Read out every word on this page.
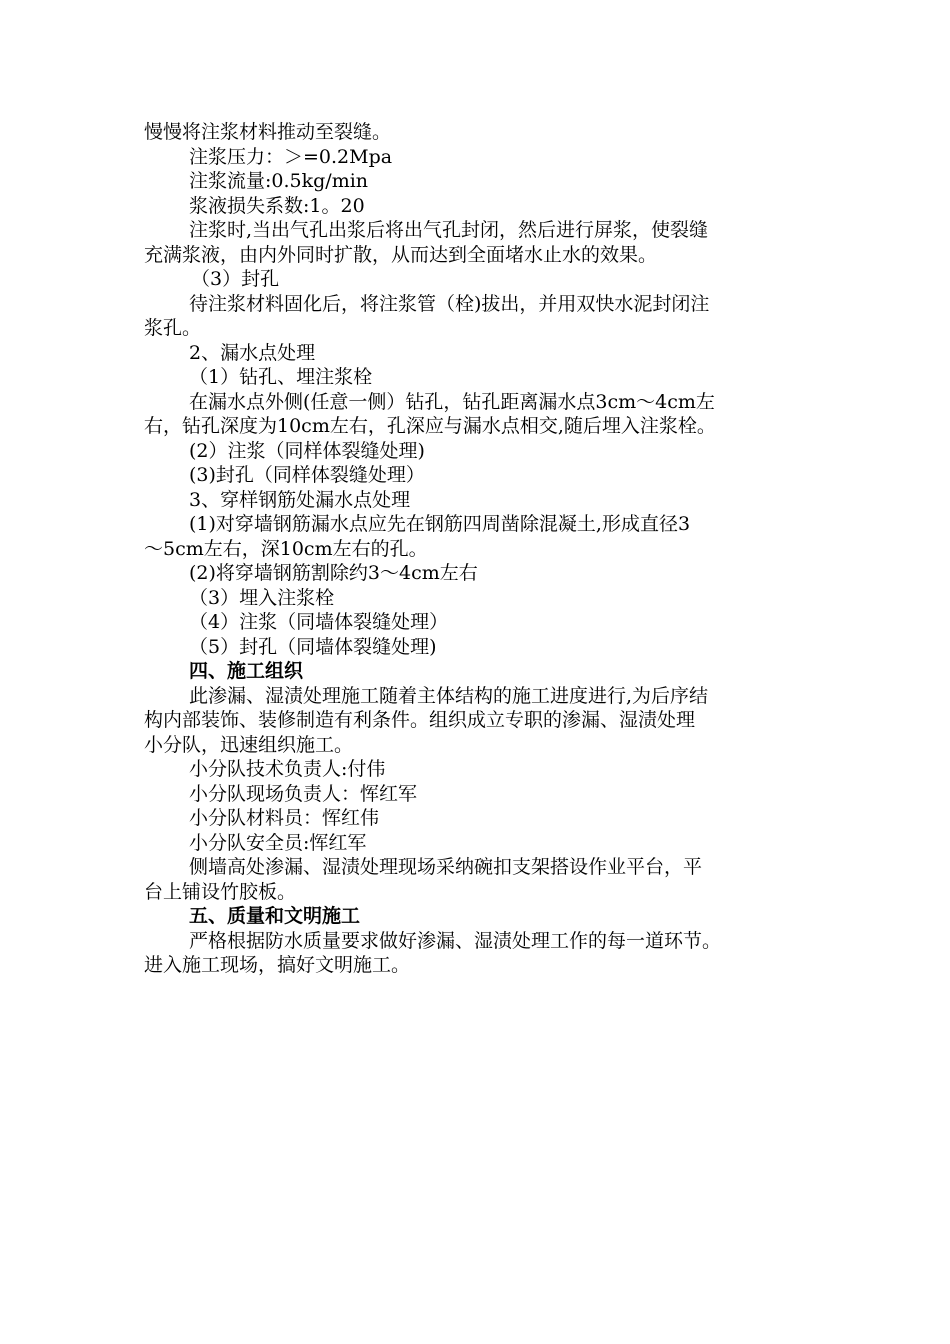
慢慢将注浆材料推动至裂缝。
注浆压力：＞=0.2Mpa
注浆流量:0.5kg/min
浆液损失系数:1。20
注浆时,当出气孔出浆后将出气孔封闭，然后进行屏浆，使裂缝
充满浆液，由内外同时扩散，从而达到全面堵水止水的效果。
（3）封孔
待注浆材料固化后，将注浆管（栓)拔出，并用双快水泥封闭注
浆孔。
2、漏水点处理
（1）钻孔、埋注浆栓
在漏水点外侧(任意一侧）钻孔，钻孔距离漏水点3cm～4cm左
右，钻孔深度为10cm左右，孔深应与漏水点相交,随后埋入注浆栓。
(2）注浆（同样体裂缝处理)
(3)封孔（同样体裂缝处理）
3、穿样钢筋处漏水点处理
(1)对穿墙钢筋漏水点应先在钢筋四周凿除混凝土,形成直径3
～5cm左右，深10cm左右的孔。
(2)将穿墙钢筋割除约3～4cm左右
（3）埋入注浆栓
（4）注浆（同墙体裂缝处理）
（5）封孔（同墙体裂缝处理)
四、施工组织
此渗漏、湿渍处理施工随着主体结构的施工进度进行,为后序结
构内部装饰、装修制造有利条件。组织成立专职的渗漏、湿渍处理
小分队，迅速组织施工。
小分队技术负责人:付伟
小分队现场负责人：恽红军
小分队材料员：恽红伟
小分队安全员:恽红军
侧墙高处渗漏、湿渍处理现场采纳碗扣支架搭设作业平台，平
台上铺设竹胶板。
五、质量和文明施工
严格根据防水质量要求做好渗漏、湿渍处理工作的每一道环节。
进入施工现场，搞好文明施工。
